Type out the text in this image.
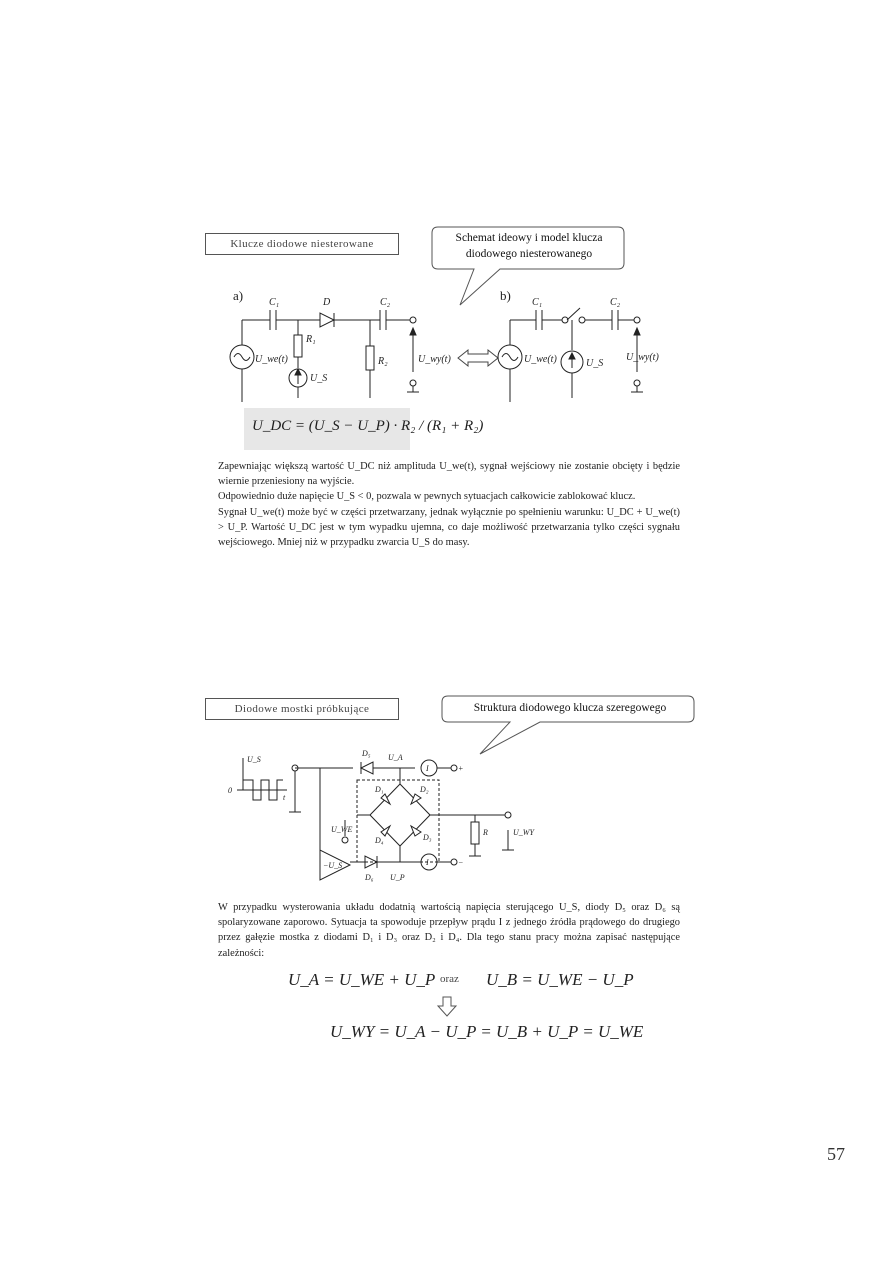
Klucze diodowe niesterowane	Schemat ideowy i model klucza
diodowego niesterowanego
a)	C₁	D	C₂
R₁
R₂
U_S
U_we(t)	U_wy(t)
b) C₁	C₂
U_S
U_we(t)	U_wy(t)
U_DC = (U_S − U_P) · R₂ / (R₁ + R₂)

Zapewniając większą wartość U_DC niż amplituda U_we(t), sygnał wejściowy nie zostanie obcięty i będzie wiernie przeniesiony na wyjście.

Odpowiednio duże napięcie U_S < 0, pozwala w pewnych sytuacjach całkowicie zablokować klucz.

Sygnał U_we(t) może być w części przetwarzany, jednak wyłącznie po spełnieniu warunku: U_DC + U_we(t) > U_P. Wartość U_DC jest w tym wypadku ujemna, co daje możliwość przetwarzania tylko części sygnału wejściowego. Mniej niż w przypadku zwarcia U_S do masy.

Diodowe mostki próbkujące	Struktura diodowego klucza szeregowego
U_S
0
t
D₅ U_A
I	+
D₁	D₂
D₄	D₃
U_WE	R	U_WY
−U_S
D₆ U_P
I	−

W przypadku wysterowania układu dodatnią wartością napięcia sterującego U_S, diody D₅ oraz D₆ są spolaryzowane zaporowo. Sytuacja ta spowoduje przepływ prądu I z jednego źródła prądowego do drugiego przez gałęzie mostka z diodami D₁ i D₃ oraz D₂ i D₄. Dla tego stanu pracy można zapisać następujące zależności:

U_A = U_WE + U_P oraz U_B = U_WE − U_P
U_WY = U_A − U_P = U_B + U_P = U_WE
57
